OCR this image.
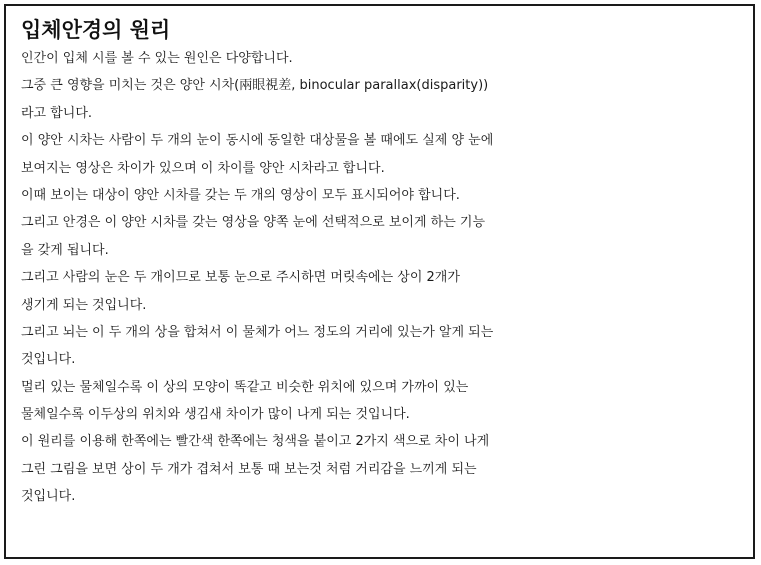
입체안경의 원리
인간이 입체 시를 볼 수 있는 원인은 다양합니다.
그중 큰 영향을 미치는 것은 양안 시차(兩眼視差, binocular parallax(disparity))
라고 합니다.
이 양안 시차는 사람이 두 개의 눈이 동시에 동일한 대상물을 볼 때에도 실제 양 눈에
보여지는 영상은 차이가 있으며 이 차이를 양안 시차라고 합니다.
이때 보이는 대상이 양안 시차를 갖는 두 개의 영상이 모두 표시되어야 합니다.
그리고 안경은 이 양안 시차를 갖는 영상을 양쪽 눈에 선택적으로 보이게 하는 기능
을 갖게 됩니다.
그리고 사람의 눈은 두 개이므로 보통 눈으로 주시하면 머릿속에는 상이 2개가
생기게 되는 것입니다.
그리고 뇌는 이 두 개의 상을 합쳐서 이 물체가 어느 정도의 거리에 있는가 알게 되는
것입니다.
멀리 있는 물체일수록 이 상의 모양이 똑같고 비슷한 위치에 있으며 가까이 있는
물체일수록 이두상의 위치와 생김새 차이가 많이 나게 되는 것입니다.
이 원리를 이용해 한쪽에는 빨간색 한쪽에는 청색을 붙이고 2가지 색으로 차이 나게
그린 그림을 보면 상이 두 개가 겹쳐서 보통 때 보는것 처럼 거리감을 느끼게 되는
것입니다.
